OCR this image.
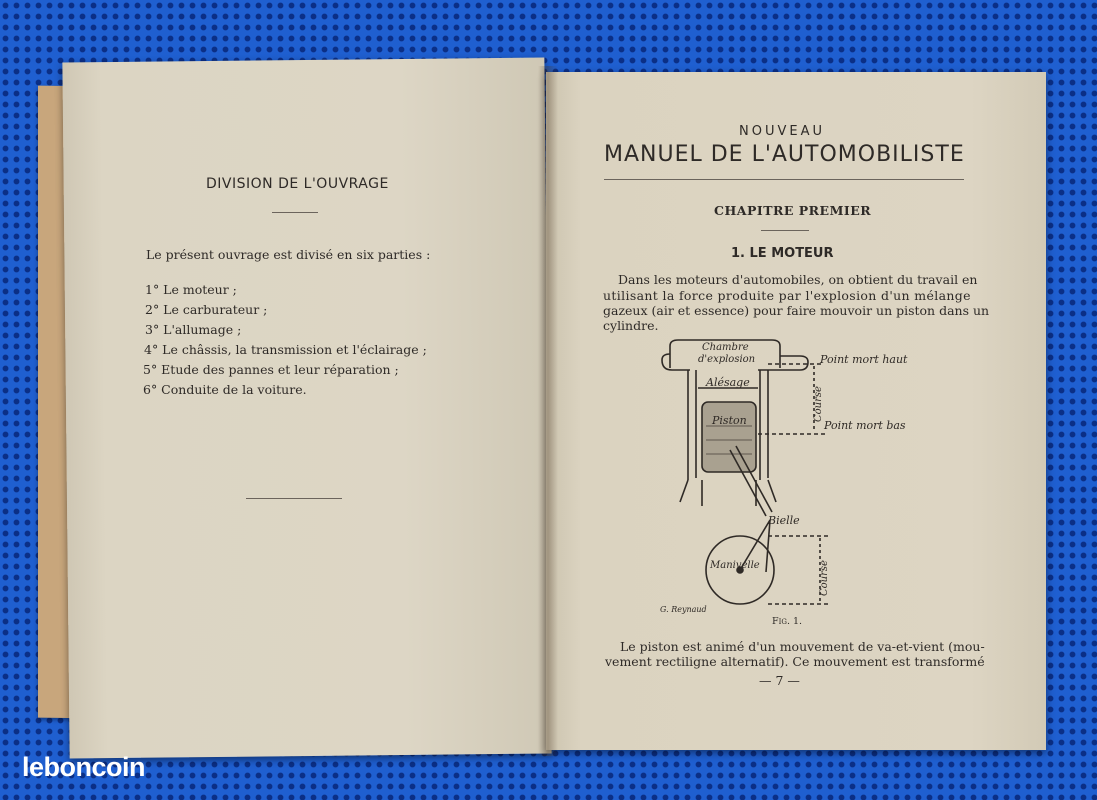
DIVISION DE L'OUVRAGE
Le présent ouvrage est divisé en six parties :
1° Le moteur ;
2° Le carburateur ;
3° L'allumage ;
4° Le châssis, la transmission et l'éclairage ;
5° Etude des pannes et leur réparation ;
6° Conduite de la voiture.
NOUVEAU
MANUEL DE L'AUTOMOBILISTE
CHAPITRE PREMIER
1. LE MOTEUR
Dans les moteurs d'automobiles, on obtient du travail en
utilisant la force produite par l'explosion d'un mélange
gazeux (air et essence) pour faire mouvoir un piston dans un
cylindre.
Chambre
d'explosion	Point mort haut
Alésage
Course
Piston	Point mort bas
Bielle
Manivelle	Course
G. Reynaud
Fig. 1.
Le piston est animé d'un mouvement de va-et-vient (mou-
vement rectiligne alternatif). Ce mouvement est transformé
— 7 —
leboncoin
